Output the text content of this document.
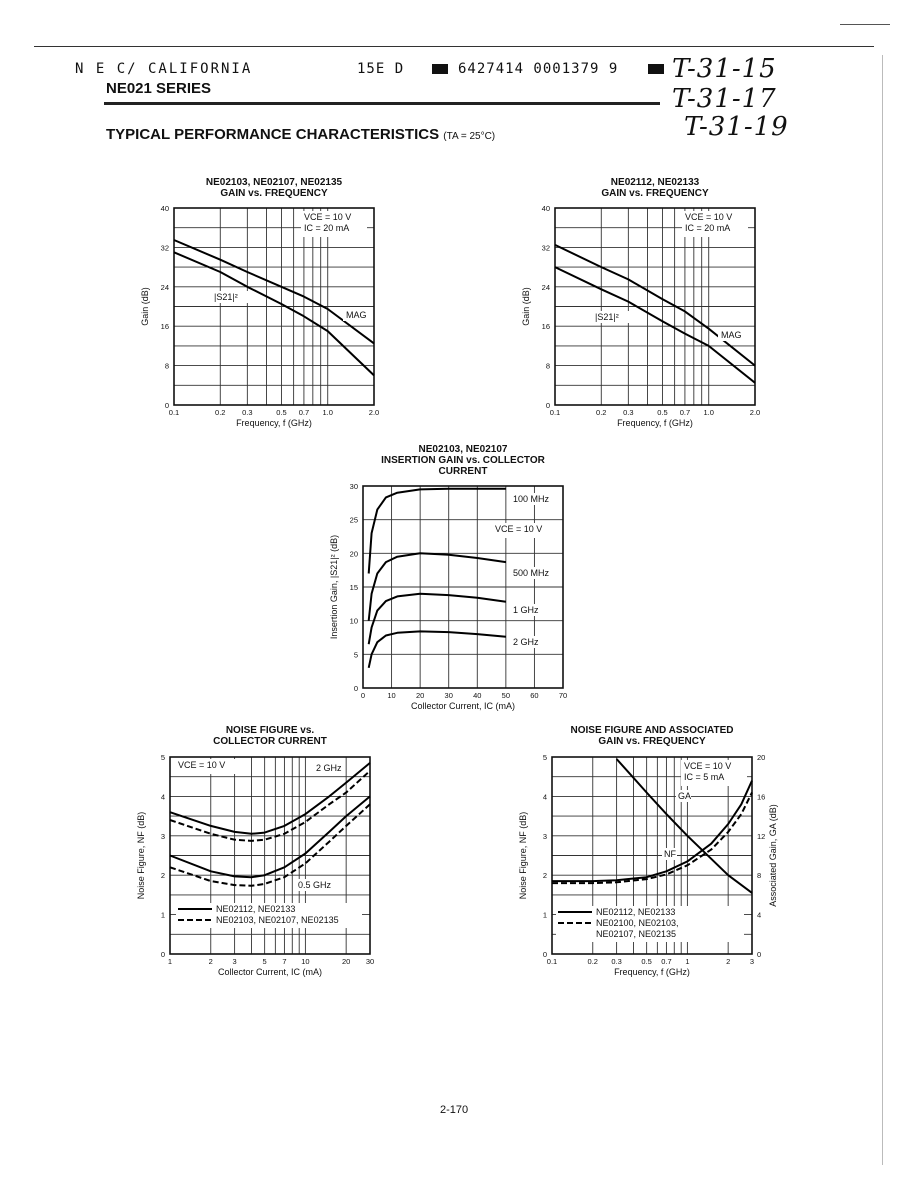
N E C/ CALIFORNIA	15E D	6427414 0001379 9
NE021 SERIES
T-31-15
T-31-17
T-31-19
TYPICAL PERFORMANCE CHARACTERISTICS (TA = 25°C)
NE02103, NE02107, NE02135
GAIN vs. FREQUENCY
0.1	0.2 0.3	0.5 0.7 1.0	2.0
0
8
16
24
32
40
Frequency, f (GHz)
Gain (dB)
VCE = 10 V
IC = 20 mA
MAG
|S21|²
NE02112, NE02133
GAIN vs. FREQUENCY
0.1	0.2 0.3	0.5 0.7 1.0	2.0
0
8
16
24
32
40
Frequency, f (GHz)
Gain (dB)
VCE = 10 V
IC = 20 mA
MAG
|S21|²
NE02103, NE02107
INSERTION GAIN vs. COLLECTOR
CURRENT
0	10	20	30	40	50	60	70
0
5
10
15
20
25
30
Collector Current, IC (mA)
Insertion Gain, |S21|² (dB)
VCE = 10 V
100 MHz
500 MHz
1 GHz
2 GHz
NOISE FIGURE vs.
COLLECTOR CURRENT
1	2	3	5 7 10	20 30
0
1
2
3
4
5
Collector Current, IC (mA)
Noise Figure, NF (dB)
VCE = 10 V	2 GHz
0.5 GHz
NE02112, NE02133
NE02103, NE02107, NE02135
NOISE FIGURE AND ASSOCIATED
GAIN vs. FREQUENCY
0.1	0.2 0.3	0.5 0.7 1	2	3
0
1
2
3
4
5
0
4
8
12
16
20
Frequency, f (GHz)
Noise Figure, NF (dB)	Associated Gain, GA (dB)
VCE = 10 V
IC = 5 mA
GA
NF
NE02112, NE02133
NE02100, NE02103,
NE02107, NE02135
2-170
